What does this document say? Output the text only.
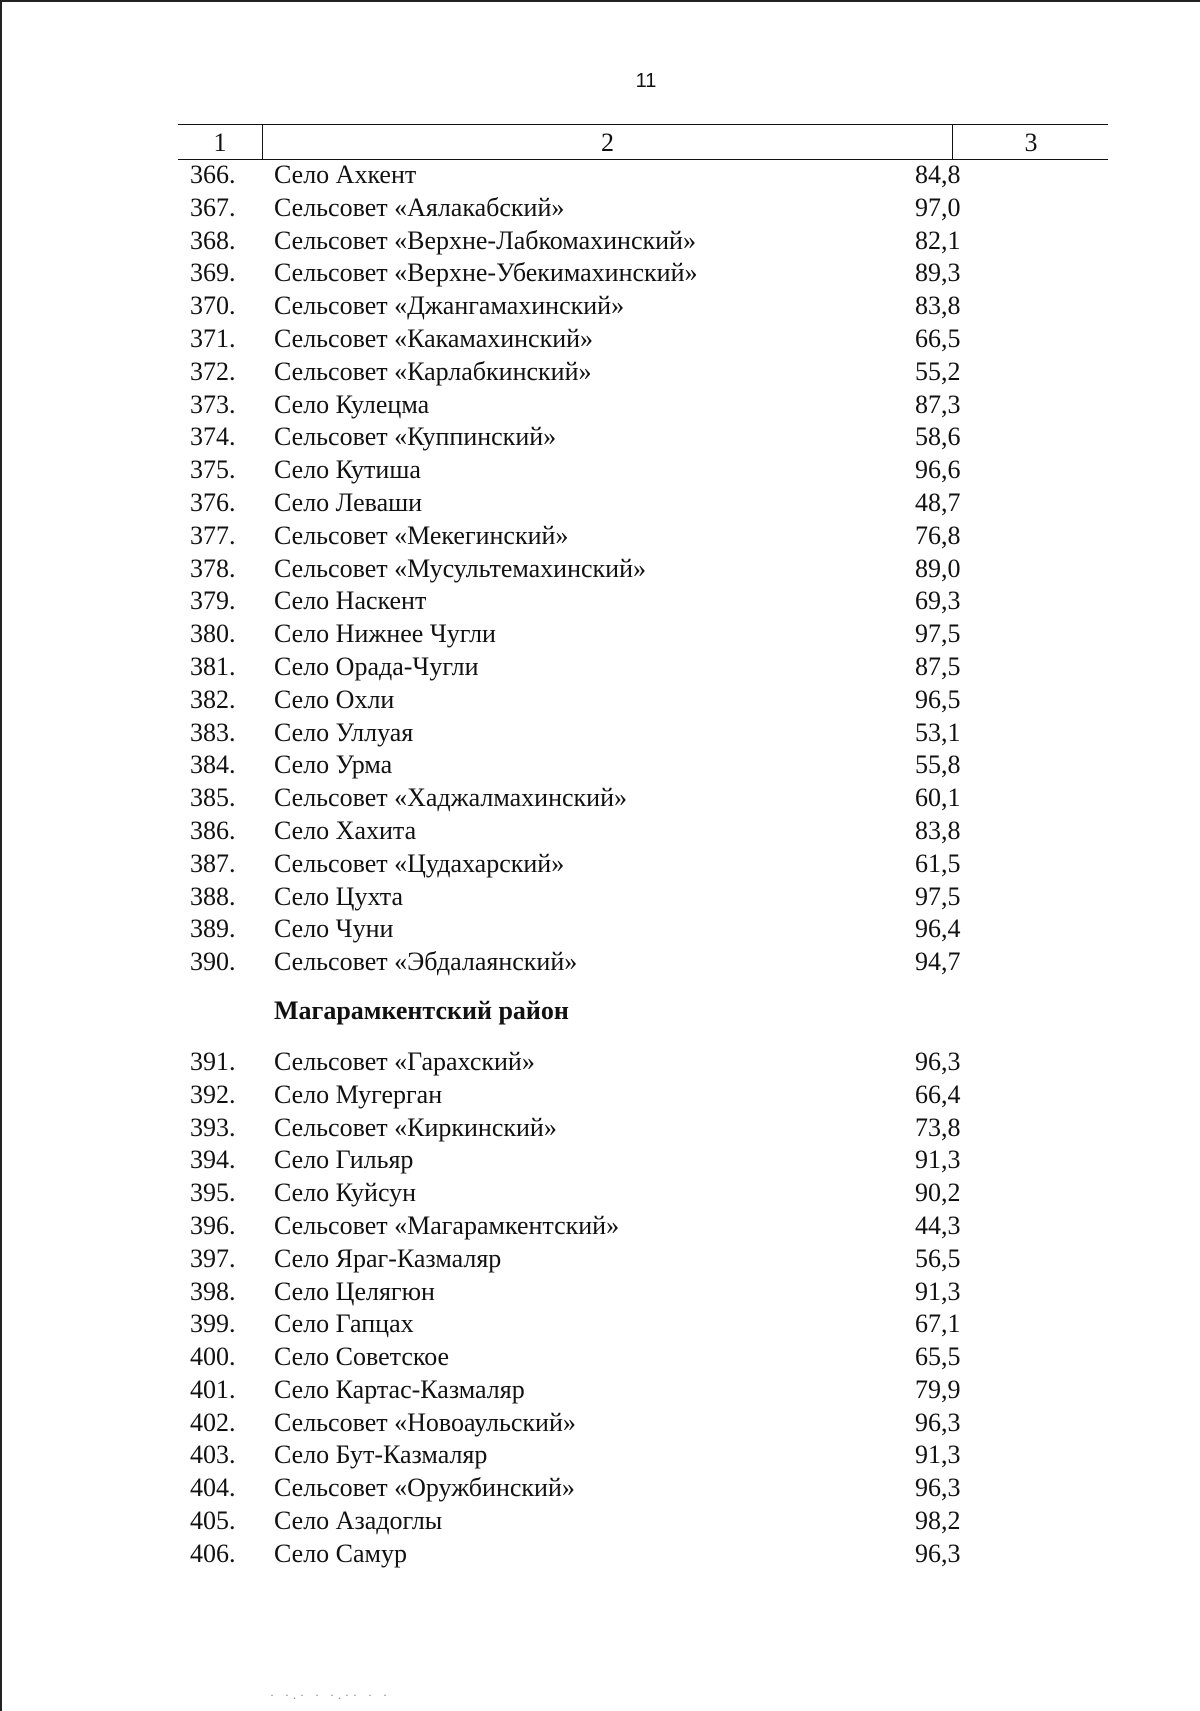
11
1	2	3
366.	Село Ахкент	84,8
367.	Сельсовет «Аялакабский»	97,0
368.	Сельсовет «Верхне-Лабкомахинский»	82,1
369.	Сельсовет «Верхне-Убекимахинский»	89,3
370.	Сельсовет «Джангамахинский»	83,8
371.	Сельсовет «Какамахинский»	66,5
372.	Сельсовет «Карлабкинский»	55,2
373.	Село Кулецма	87,3
374.	Сельсовет «Куппинский»	58,6
375.	Село Кутиша	96,6
376.	Село Леваши	48,7
377.	Сельсовет «Мекегинский»	76,8
378.	Сельсовет «Мусультемахинский»	89,0
379.	Село Наскент	69,3
380.	Село Нижнее Чугли	97,5
381.	Село Орада-Чугли	87,5
382.	Село Охли	96,5
383.	Село Уллуая	53,1
384.	Село Урма	55,8
385.	Сельсовет «Хаджалмахинский»	60,1
386.	Село Хахита	83,8
387.	Сельсовет «Цудахарский»	61,5
388.	Село Цухта	97,5
389.	Село Чуни	96,4
390.	Сельсовет «Эбдалаянский»	94,7
Магарамкентский район
391.	Сельсовет «Гарахский»	96,3
392.	Село Мугерган	66,4
393.	Сельсовет «Киркинский»	73,8
394.	Село Гильяр	91,3
395.	Село Куйсун	90,2
396.	Сельсовет «Магарамкентский»	44,3
397.	Село Яраг-Казмаляр	56,5
398.	Село Целягюн	91,3
399.	Село Гапцах	67,1
400.	Село Советское	65,5
401.	Село Картас-Казмаляр	79,9
402.	Сельсовет «Новоаульский»	96,3
403.	Село Бут-Казмаляр	91,3
404.	Сельсовет «Оружбинский»	96,3
405.	Село Азадоглы	98,2
406.	Село Самур	96,3
· ·.· · ·.·· · ·
